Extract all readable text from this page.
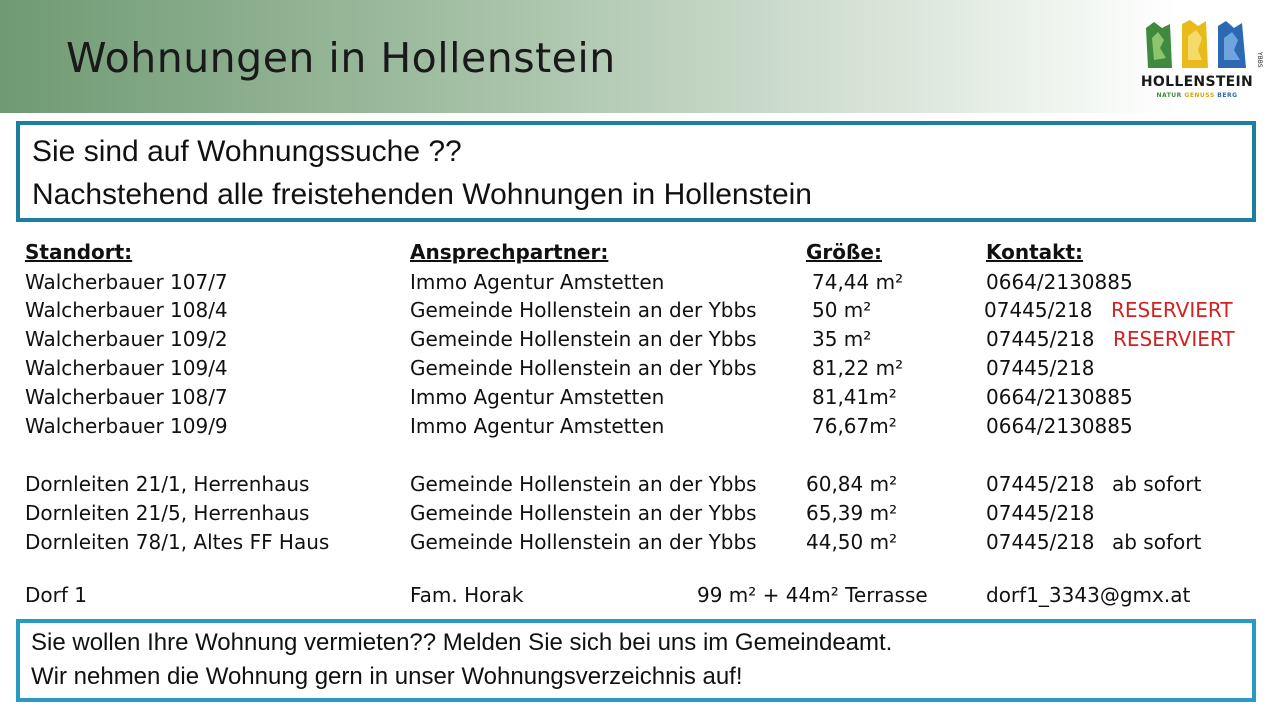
Wohnungen in Hollenstein	YBBS
HOLLENSTEIN
NATUR GENUSS BERG
Sie sind auf Wohnungssuche ??
Nachstehend alle freistehenden Wohnungen in Hollenstein
Standort:	Ansprechpartner:	Größe:	Kontakt:
Walcherbauer 107/7	Immo Agentur Amstetten	74,44 m²	0664/2130885
Walcherbauer 108/4	Gemeinde Hollenstein an der Ybbs	50 m²	07445/218 RESERVIERT
Walcherbauer 109/2	Gemeinde Hollenstein an der Ybbs	35 m²	07445/218 RESERVIERT
Walcherbauer 109/4	Gemeinde Hollenstein an der Ybbs	81,22 m²	07445/218
Walcherbauer 108/7	Immo Agentur Amstetten	81,41m²	0664/2130885
Walcherbauer 109/9	Immo Agentur Amstetten	76,67m²	0664/2130885
Dornleiten 21/1, Herrenhaus	Gemeinde Hollenstein an der Ybbs 60,84 m²	07445/218 ab sofort
Dornleiten 21/5, Herrenhaus	Gemeinde Hollenstein an der Ybbs 65,39 m²	07445/218
Dornleiten 78/1, Altes FF Haus	Gemeinde Hollenstein an der Ybbs 44,50 m²	07445/218 ab sofort
Dorf 1	Fam. Horak	99 m² + 44m² Terrasse	dorf1_3343@gmx.at
Sie wollen Ihre Wohnung vermieten?? Melden Sie sich bei uns im Gemeindeamt.
Wir nehmen die Wohnung gern in unser Wohnungsverzeichnis auf!
